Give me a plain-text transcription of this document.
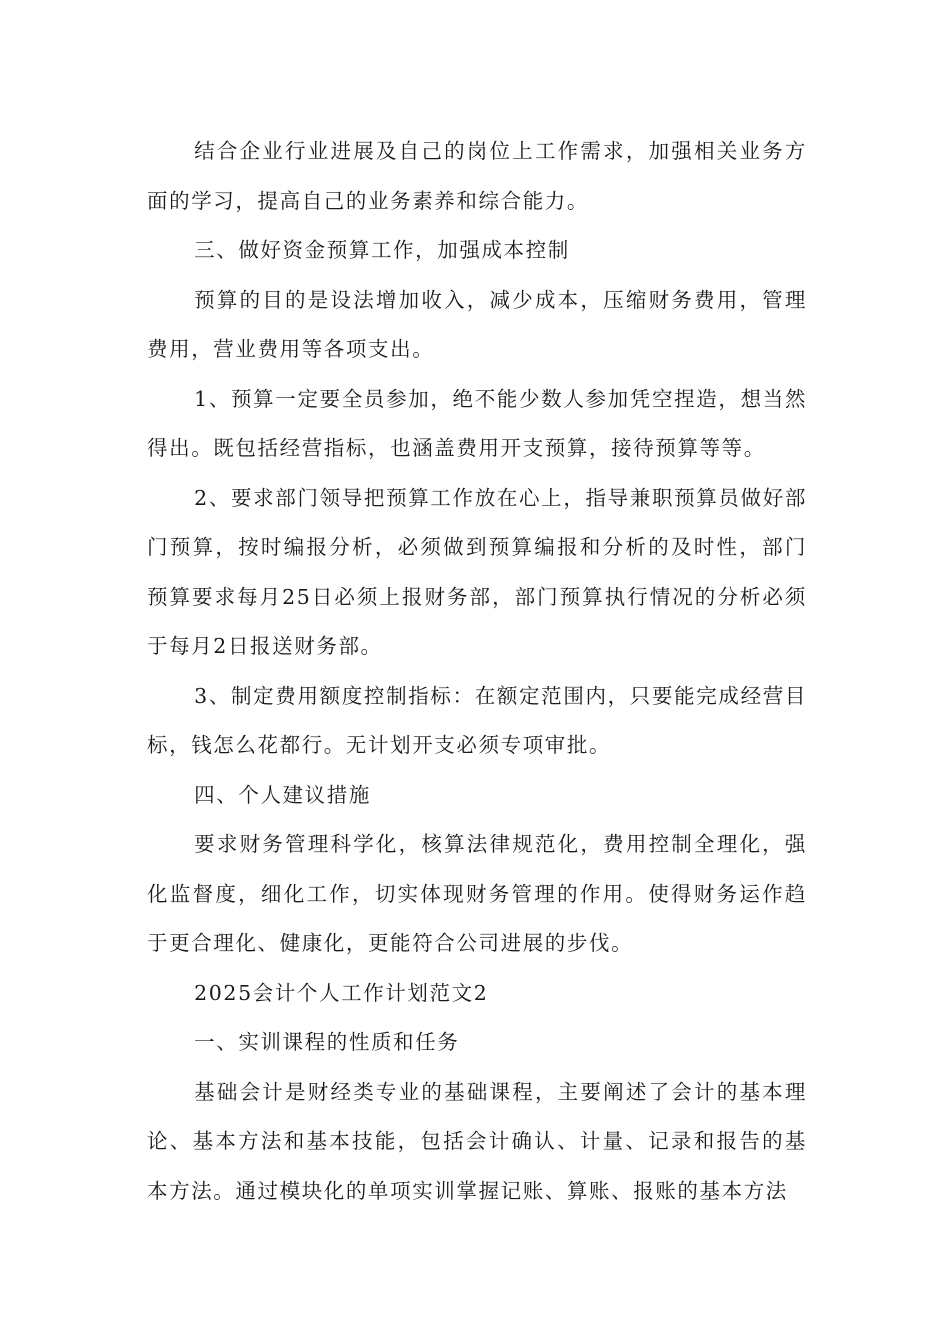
结合企业行业进展及自己的岗位上工作需求，加强相关业务方面的学习，提高自己的业务素养和综合能力。

三、做好资金预算工作，加强成本控制

预算的目的是设法增加收入，减少成本，压缩财务费用，管理费用，营业费用等各项支出。

1、预算一定要全员参加，绝不能少数人参加凭空捏造，想当然得出。既包括经营指标，也涵盖费用开支预算，接待预算等等。

2、要求部门领导把预算工作放在心上，指导兼职预算员做好部门预算，按时编报分析，必须做到预算编报和分析的及时性，部门预算要求每月25日必须上报财务部，部门预算执行情况的分析必须于每月2日报送财务部。

3、制定费用额度控制指标：在额定范围内，只要能完成经营目标，钱怎么花都行。无计划开支必须专项审批。

四、个人建议措施

要求财务管理科学化，核算法律规范化，费用控制全理化，强化监督度，细化工作，切实体现财务管理的作用。使得财务运作趋于更合理化、健康化，更能符合公司进展的步伐。

2025会计个人工作计划范文2

一、实训课程的性质和任务

基础会计是财经类专业的基础课程，主要阐述了会计的基本理论、基本方法和基本技能，包括会计确认、计量、记录和报告的基本方法。通过模块化的单项实训掌握记账、算账、报账的基本方法
